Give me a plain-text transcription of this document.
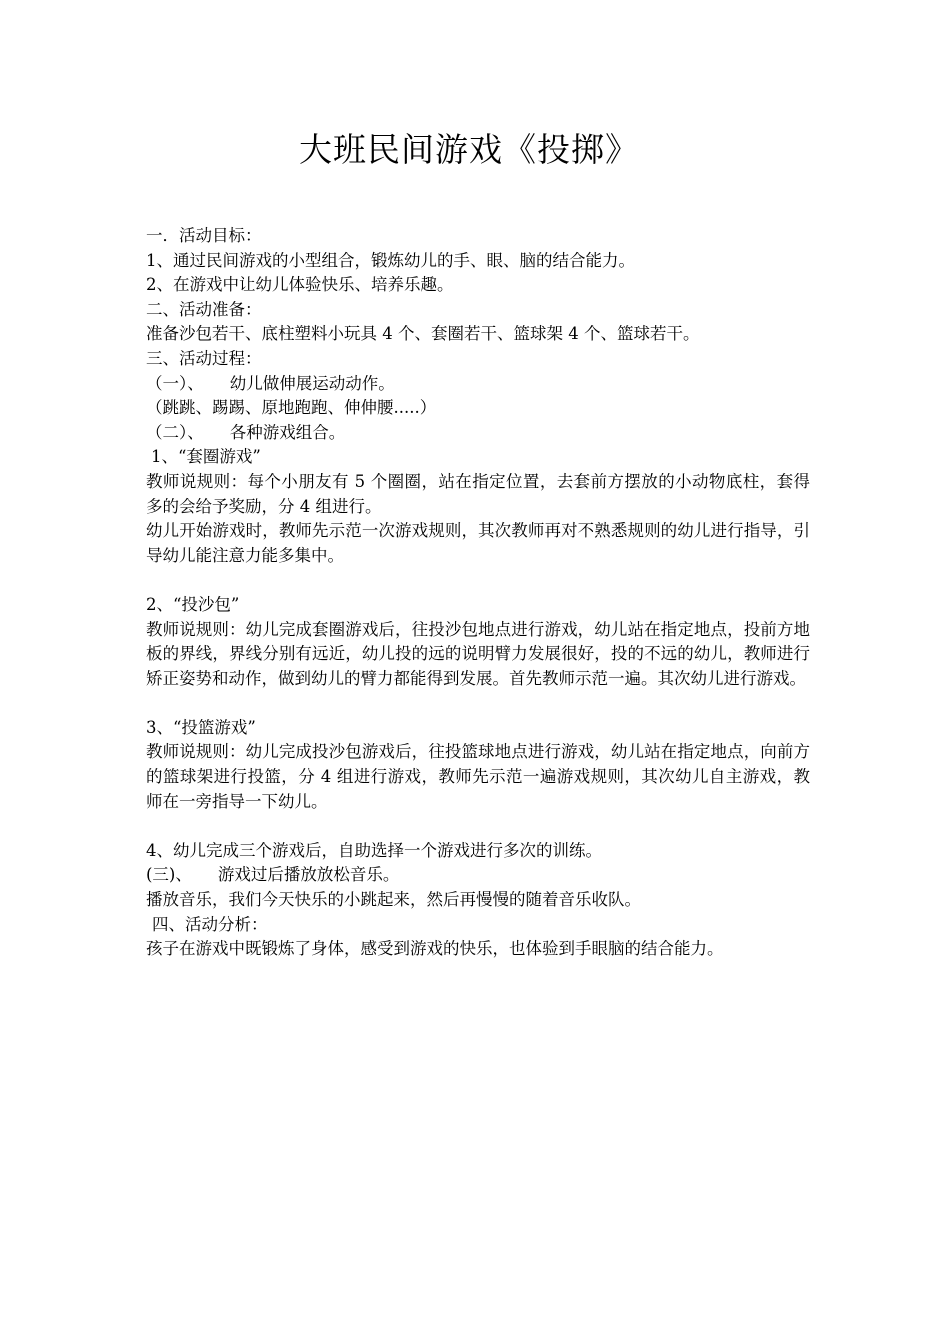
大班民间游戏《投掷》
一．活动目标：
1、通过民间游戏的小型组合，锻炼幼儿的手、眼、脑的结合能力。
2、在游戏中让幼儿体验快乐、培养乐趣。
二、活动准备：
准备沙包若干、底柱塑料小玩具 4 个、套圈若干、篮球架 4 个、篮球若干。
三、活动过程：
（一）、 幼儿做伸展运动动作。
（跳跳、踢踢、原地跑跑、伸伸腰.....）
（二）、 各种游戏组合。
1、“套圈游戏”
教师说规则：每个小朋友有 5 个圈圈，站在指定位置，去套前方摆放的小动物底柱，套得多的会给予奖励，分 4 组进行。
幼儿开始游戏时，教师先示范一次游戏规则，其次教师再对不熟悉规则的幼儿进行指导，引导幼儿能注意力能多集中。
2、“投沙包”
教师说规则：幼儿完成套圈游戏后，往投沙包地点进行游戏，幼儿站在指定地点，投前方地板的界线，界线分别有远近，幼儿投的远的说明臂力发展很好，投的不远的幼儿，教师进行矫正姿势和动作，做到幼儿的臂力都能得到发展。首先教师示范一遍。其次幼儿进行游戏。
3、“投篮游戏”
教师说规则：幼儿完成投沙包游戏后，往投篮球地点进行游戏，幼儿站在指定地点，向前方的篮球架进行投篮，分 4 组进行游戏，教师先示范一遍游戏规则，其次幼儿自主游戏，教师在一旁指导一下幼儿。
4、幼儿完成三个游戏后，自助选择一个游戏进行多次的训练。
(三)、 游戏过后播放放松音乐。
播放音乐，我们今天快乐的小跳起来，然后再慢慢的随着音乐收队。
四、活动分析：
孩子在游戏中既锻炼了身体，感受到游戏的快乐，也体验到手眼脑的结合能力。
